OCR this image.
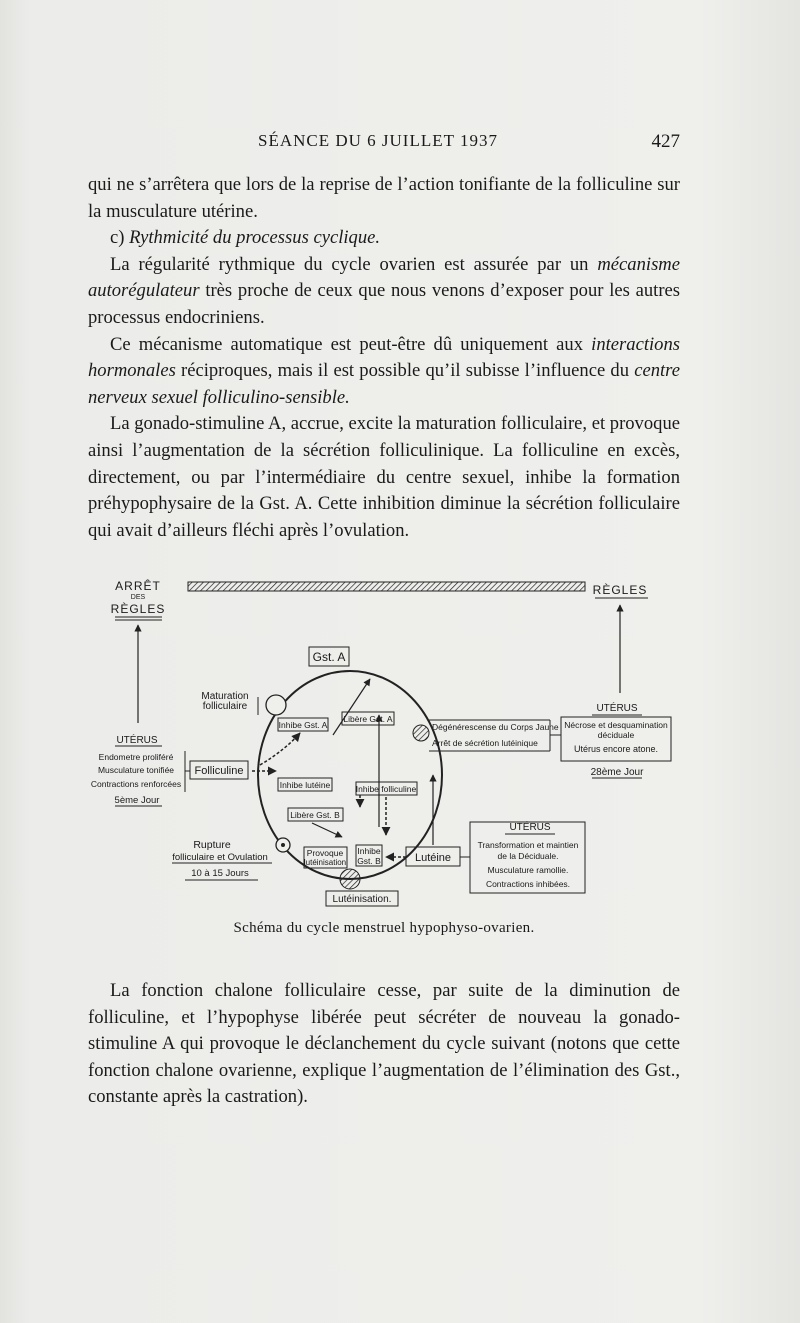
SÉANCE DU 6 JUILLET 1937	427

qui ne s’arrêtera que lors de la reprise de l’action tonifiante de la folliculine sur la musculature utérine.

c) Rythmicité du processus cyclique.

La régularité rythmique du cycle ovarien est assurée par un mécanisme autorégulateur très proche de ceux que nous venons d’exposer pour les autres processus endocriniens.

Ce mécanisme automatique est peut-être dû uniquement aux interactions hormonales réciproques, mais il est possible qu’il subisse l’influence du centre nerveux sexuel folliculino-sensible.

La gonado-stimuline A, accrue, excite la maturation folliculaire, et provoque ainsi l’augmentation de la sécrétion folliculinique. La folliculine en excès, directement, ou par l’intermédiaire du centre sexuel, inhibe la formation préhypophysaire de la Gst. A. Cette inhibition diminue la sécrétion folliculaire qui avait d’ailleurs fléchi après l’ovulation.

ARRÊT
DES
RÈGLES
RÈGLES
Gst. A
Maturation
folliculaire
Inhibe Gst. A
Libère Gst. A
Dégénérescense du Corps Jaune
Arrêt de sécrétion lutéinique
UTÉRUS
Nécrose et desquamination
déciduale
Utérus encore atone.
28ème Jour
UTÉRUS
Endometre proliféré
Musculature tonifiée
Contractions renforcées
5ème Jour
Folliculine
Inhibe lutéine	Inhibe folliculine
Libère Gst. B
Rupture
folliculaire et Ovulation
10 à 15 Jours
Provoque
lutéinisation
Inhibe
Gst. B	Lutéine
UTÉRUS
Transformation et maintien
de la Déciduale.
Musculature ramollie.
Contractions inhibées.
Lutéinisation.
Schéma du cycle menstruel hypophyso-ovarien.

La fonction chalone folliculaire cesse, par suite de la diminution de folliculine, et l’hypophyse libérée peut sécréter de nouveau la gonado-stimuline A qui provoque le déclanchement du cycle suivant (notons que cette fonction chalone ovarienne, explique l’augmentation de l’élimination des Gst., constante après la castration).
